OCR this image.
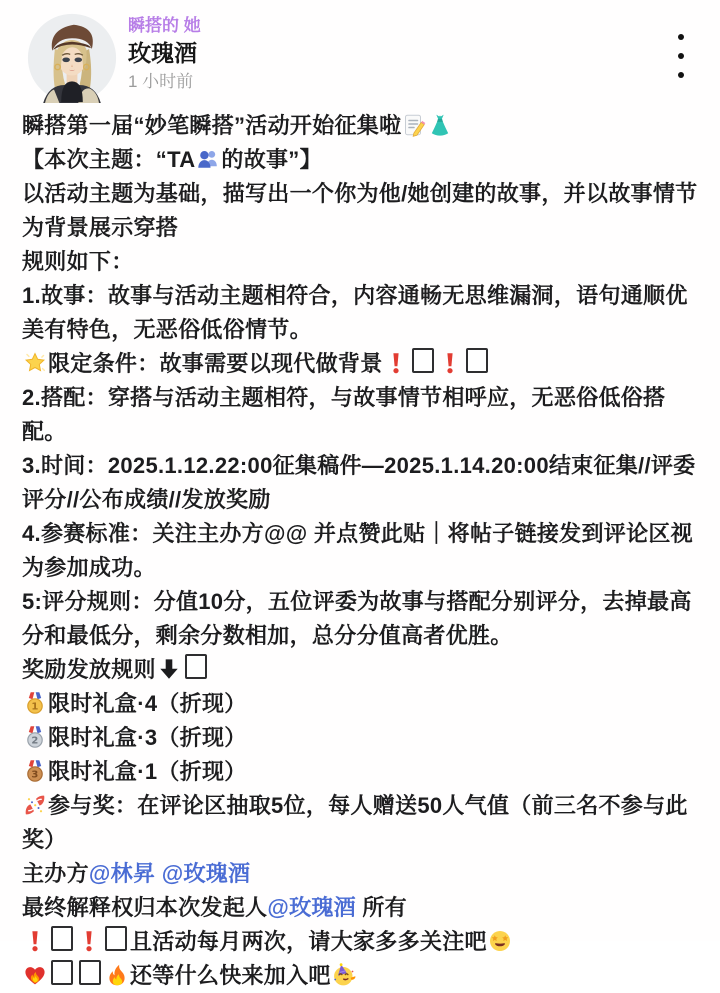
瞬搭的 她
玫瑰酒
1 小时前

瞬搭第一届“妙笔瞬搭”活动开始征集啦

【本次主题：“TA 的故事”】

以活动主题为基础，描写出一个你为他/她创建的故事，并以故事情节为背景展示穿搭

规则如下：

1.故事：故事与活动主题相符合，内容通畅无思维漏洞，语句通顺优美有特色，无恶俗低俗情节。

限定条件：故事需要以现代做背景

2.搭配：穿搭与活动主题相符，与故事情节相呼应，无恶俗低俗搭配。

3.时间：2025.1.12.22:00征集稿件—2025.1.14.20:00结束征集//评委评分//公布成绩//发放奖励

4.参赛标准：关注主办方@@ 并点赞此贴｜将帖子链接发到评论区视为参加成功。

5:评分规则：分值10分，五位评委为故事与搭配分别评分，去掉最高分和最低分，剩余分数相加，总分分值高者优胜。

奖励发放规则

1 限时礼盒·4（折现）

2 限时礼盒·3（折现）

3 限时礼盒·1（折现）

参与奖：在评论区抽取5位，每人赠送50人气值（前三名不参与此奖）

主办方@林昇 @玫瑰酒

最终解释权归本次发起人@玫瑰酒 所有

且活动每月两次，请大家多多关注吧

还等什么快来加入吧
